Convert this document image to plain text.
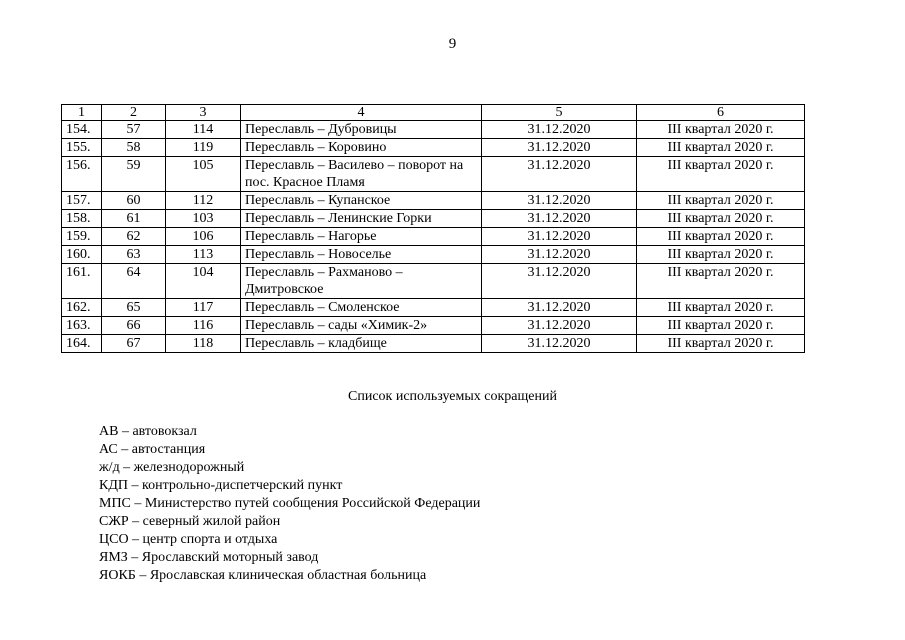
9
1	2	3	4	5	6
154.	57	114	Переславль – Дубровицы	31.12.2020	III квартал 2020 г.
155.	58	119	Переславль – Коровино	31.12.2020	III квартал 2020 г.
156.	59	105	Переславль – Василево – поворот на пос. Красное Пламя	31.12.2020	III квартал 2020 г.
157.	60	112	Переславль – Купанское	31.12.2020	III квартал 2020 г.
158.	61	103	Переславль – Ленинские Горки	31.12.2020	III квартал 2020 г.
159.	62	106	Переславль – Нагорье	31.12.2020	III квартал 2020 г.
160.	63	113	Переславль – Новоселье	31.12.2020	III квартал 2020 г.
161.	64	104	Переславль – Рахманово – Дмитровское	31.12.2020	III квартал 2020 г.
162.	65	117	Переславль – Смоленское	31.12.2020	III квартал 2020 г.
163.	66	116	Переславль – сады «Химик-2»	31.12.2020	III квартал 2020 г.
164.	67	118	Переславль – кладбище	31.12.2020	III квартал 2020 г.
Список используемых сокращений
АВ – автовокзал
АС – автостанция
ж/д – железнодорожный
КДП – контрольно-диспетчерский пункт
МПС – Министерство путей сообщения Российской Федерации
СЖР – северный жилой район
ЦСО – центр спорта и отдыха
ЯМЗ – Ярославский моторный завод
ЯОКБ – Ярославская клиническая областная больница
